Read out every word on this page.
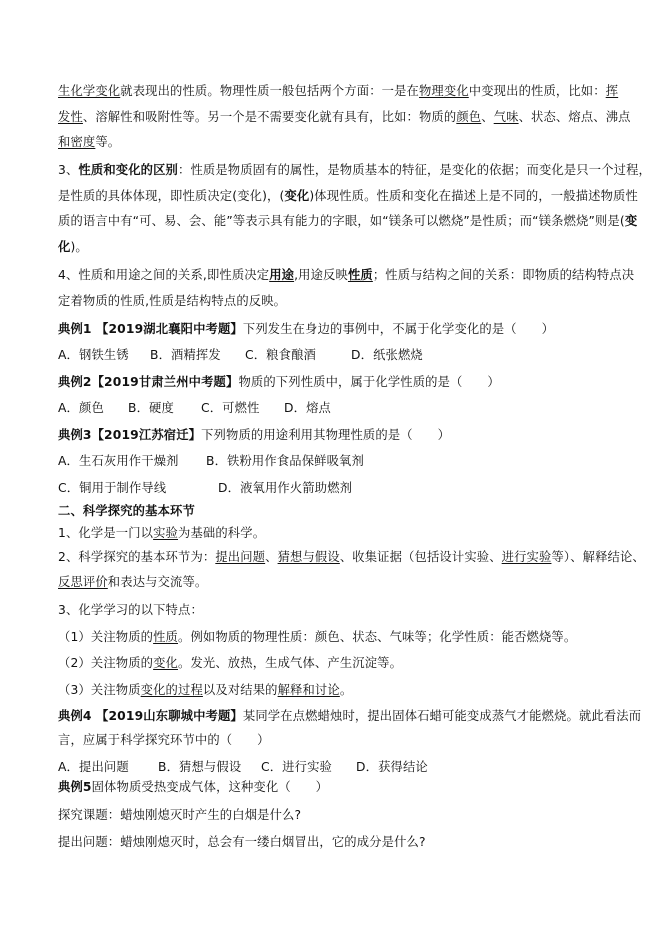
生化学变化就表现出的性质。物理性质一般包括两个方面：一是在物理变化中变现出的性质，比如：挥
发性、溶解性和吸附性等。另一个是不需要变化就有具有，比如：物质的颜色、气味、状态、熔点、沸点
和密度等。
3、性质和变化的区别：性质是物质固有的属性，是物质基本的特征，是变化的依据；而变化是只一个过程，
是性质的具体体现，即性质决定(变化)，(变化)体现性质。性质和变化在描述上是不同的，一般描述物质性
质的语言中有“可、易、会、能”等表示具有能力的字眼，如“镁条可以燃烧”是性质；而“镁条燃烧”则是(变
化)。
4、性质和用途之间的关系,即性质决定用途,用途反映性质；性质与结构之间的关系：即物质的结构特点决
定着物质的性质,性质是结构特点的反映。
典例1 【2019湖北襄阳中考题】下列发生在身边的事例中，不属于化学变化的是（　　）
A．钢铁生锈 B．酒精挥发 C．粮食酿酒	D．纸张燃烧
典例2【2019甘肃兰州中考题】物质的下列性质中，属于化学性质的是（　　）
A．颜色 B．硬度 C．可燃性 D．熔点
典例3【2019江苏宿迁】下列物质的用途利用其物理性质的是（　　）
A．生石灰用作干燥剂 B．铁粉用作食品保鲜吸氧剂
C．铜用于制作导线	D．液氧用作火箭助燃剂
二、科学探究的基本环节
1、化学是一门以实验为基础的科学。
2、科学探究的基本环节为：提出问题、猜想与假设、收集证据（包括设计实验、进行实验等）、解释结论、
反思评价和表达与交流等。
3、化学学习的以下特点：
（1）关注物质的性质。例如物质的物理性质：颜色、状态、气味等；化学性质：能否燃烧等。
（2）关注物质的变化。发光、放热，生成气体、产生沉淀等。
（3）关注物质变化的过程以及对结果的解释和讨论。
典例4 【2019山东聊城中考题】某同学在点燃蜡烛时，提出固体石蜡可能变成蒸气才能燃烧。就此看法而
言，应属于科学探究环节中的（　　）
A．提出问题 B．猜想与假设 C．进行实验 D．获得结论
典例5固体物质受热变成气体，这种变化（　　）
探究课题：蜡烛刚熄灭时产生的白烟是什么?
提出问题：蜡烛刚熄灭时，总会有一缕白烟冒出，它的成分是什么?
